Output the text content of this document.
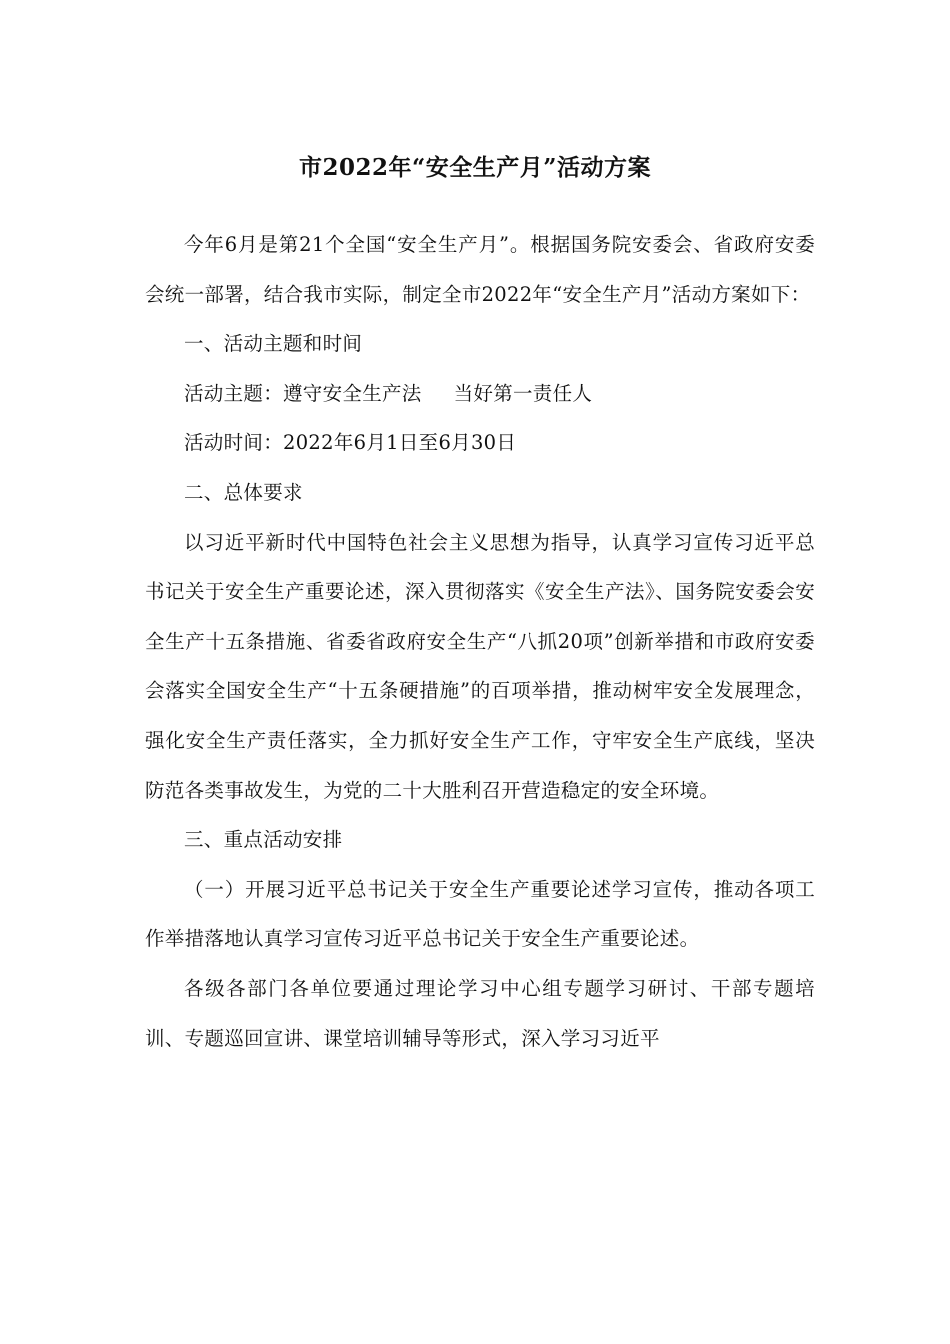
市2022年“安全生产月”活动方案

今年6月是第21个全国“安全生产月”。根据国务院安委会、省政府安委会统一部署，结合我市实际，制定全市2022年“安全生产月”活动方案如下：

一、活动主题和时间

活动主题：遵守安全生产法 当好第一责任人

活动时间：2022年6月1日至6月30日

二、总体要求

以习近平新时代中国特色社会主义思想为指导，认真学习宣传习近平总书记关于安全生产重要论述，深入贯彻落实《安全生产法》、国务院安委会安全生产十五条措施、省委省政府安全生产“八抓20项”创新举措和市政府安委会落实全国安全生产“十五条硬措施”的百项举措，推动树牢安全发展理念，强化安全生产责任落实，全力抓好安全生产工作，守牢安全生产底线，坚决防范各类事故发生，为党的二十大胜利召开营造稳定的安全环境。

三、重点活动安排

（一）开展习近平总书记关于安全生产重要论述学习宣传，推动各项工作举措落地认真学习宣传习近平总书记关于安全生产重要论述。

各级各部门各单位要通过理论学习中心组专题学习研讨、干部专题培训、专题巡回宣讲、课堂培训辅导等形式，深入学习习近平
